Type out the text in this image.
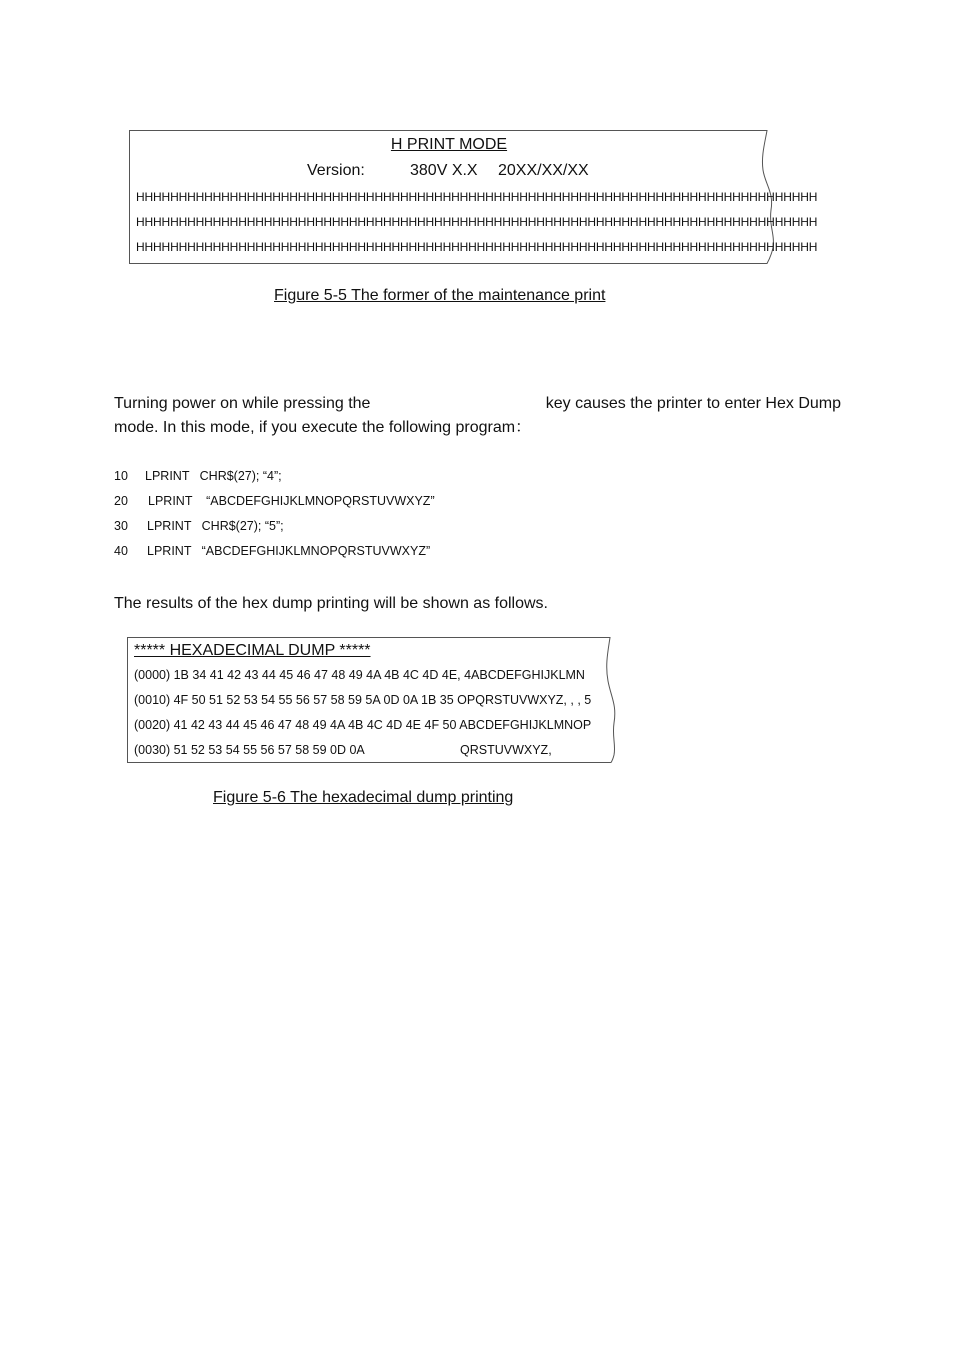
H PRINT MODE
Version:	380V X.X 20XX/XX/XX
HHHHHHHHHHHHHHHHHHHHHHHHHHHHHHHHHHHHHHHHHHHHHHHHHHHHHHHHHHHHHHHHHHHHHHHHHHHHHHHH
HHHHHHHHHHHHHHHHHHHHHHHHHHHHHHHHHHHHHHHHHHHHHHHHHHHHHHHHHHHHHHHHHHHHHHHHHHHHHHHH
HHHHHHHHHHHHHHHHHHHHHHHHHHHHHHHHHHHHHHHHHHHHHHHHHHHHHHHHHHHHHHHHHHHHHHHHHHHHHHHH
Figure 5-5 The former of the maintenance print
Turning power on while pressing the	key causes the printer to enter Hex Dump
mode. In this mode, if you execute the following program：
10 LPRINT   CHR$(27); “4”;
20 LPRINT    “ABCDEFGHIJKLMNOPQRSTUVWXYZ”
30 LPRINT   CHR$(27); “5”;
40 LPRINT   “ABCDEFGHIJKLMNOPQRSTUVWXYZ”
The results of the hex dump printing will be shown as follows.
***** HEXADECIMAL DUMP *****
(0000) 1B 34 41 42 43 44 45 46 47 48 49 4A 4B 4C 4D 4E, 4ABCDEFGHIJKLMN
(0010) 4F 50 51 52 53 54 55 56 57 58 59 5A 0D 0A 1B 35 OPQRSTUVWXYZ, , , 5
(0020) 41 42 43 44 45 46 47 48 49 4A 4B 4C 4D 4E 4F 50 ABCDEFGHIJKLMNOP
(0030) 51 52 53 54 55 56 57 58 59 0D 0A	QRSTUVWXYZ,
Figure 5-6 The hexadecimal dump printing
